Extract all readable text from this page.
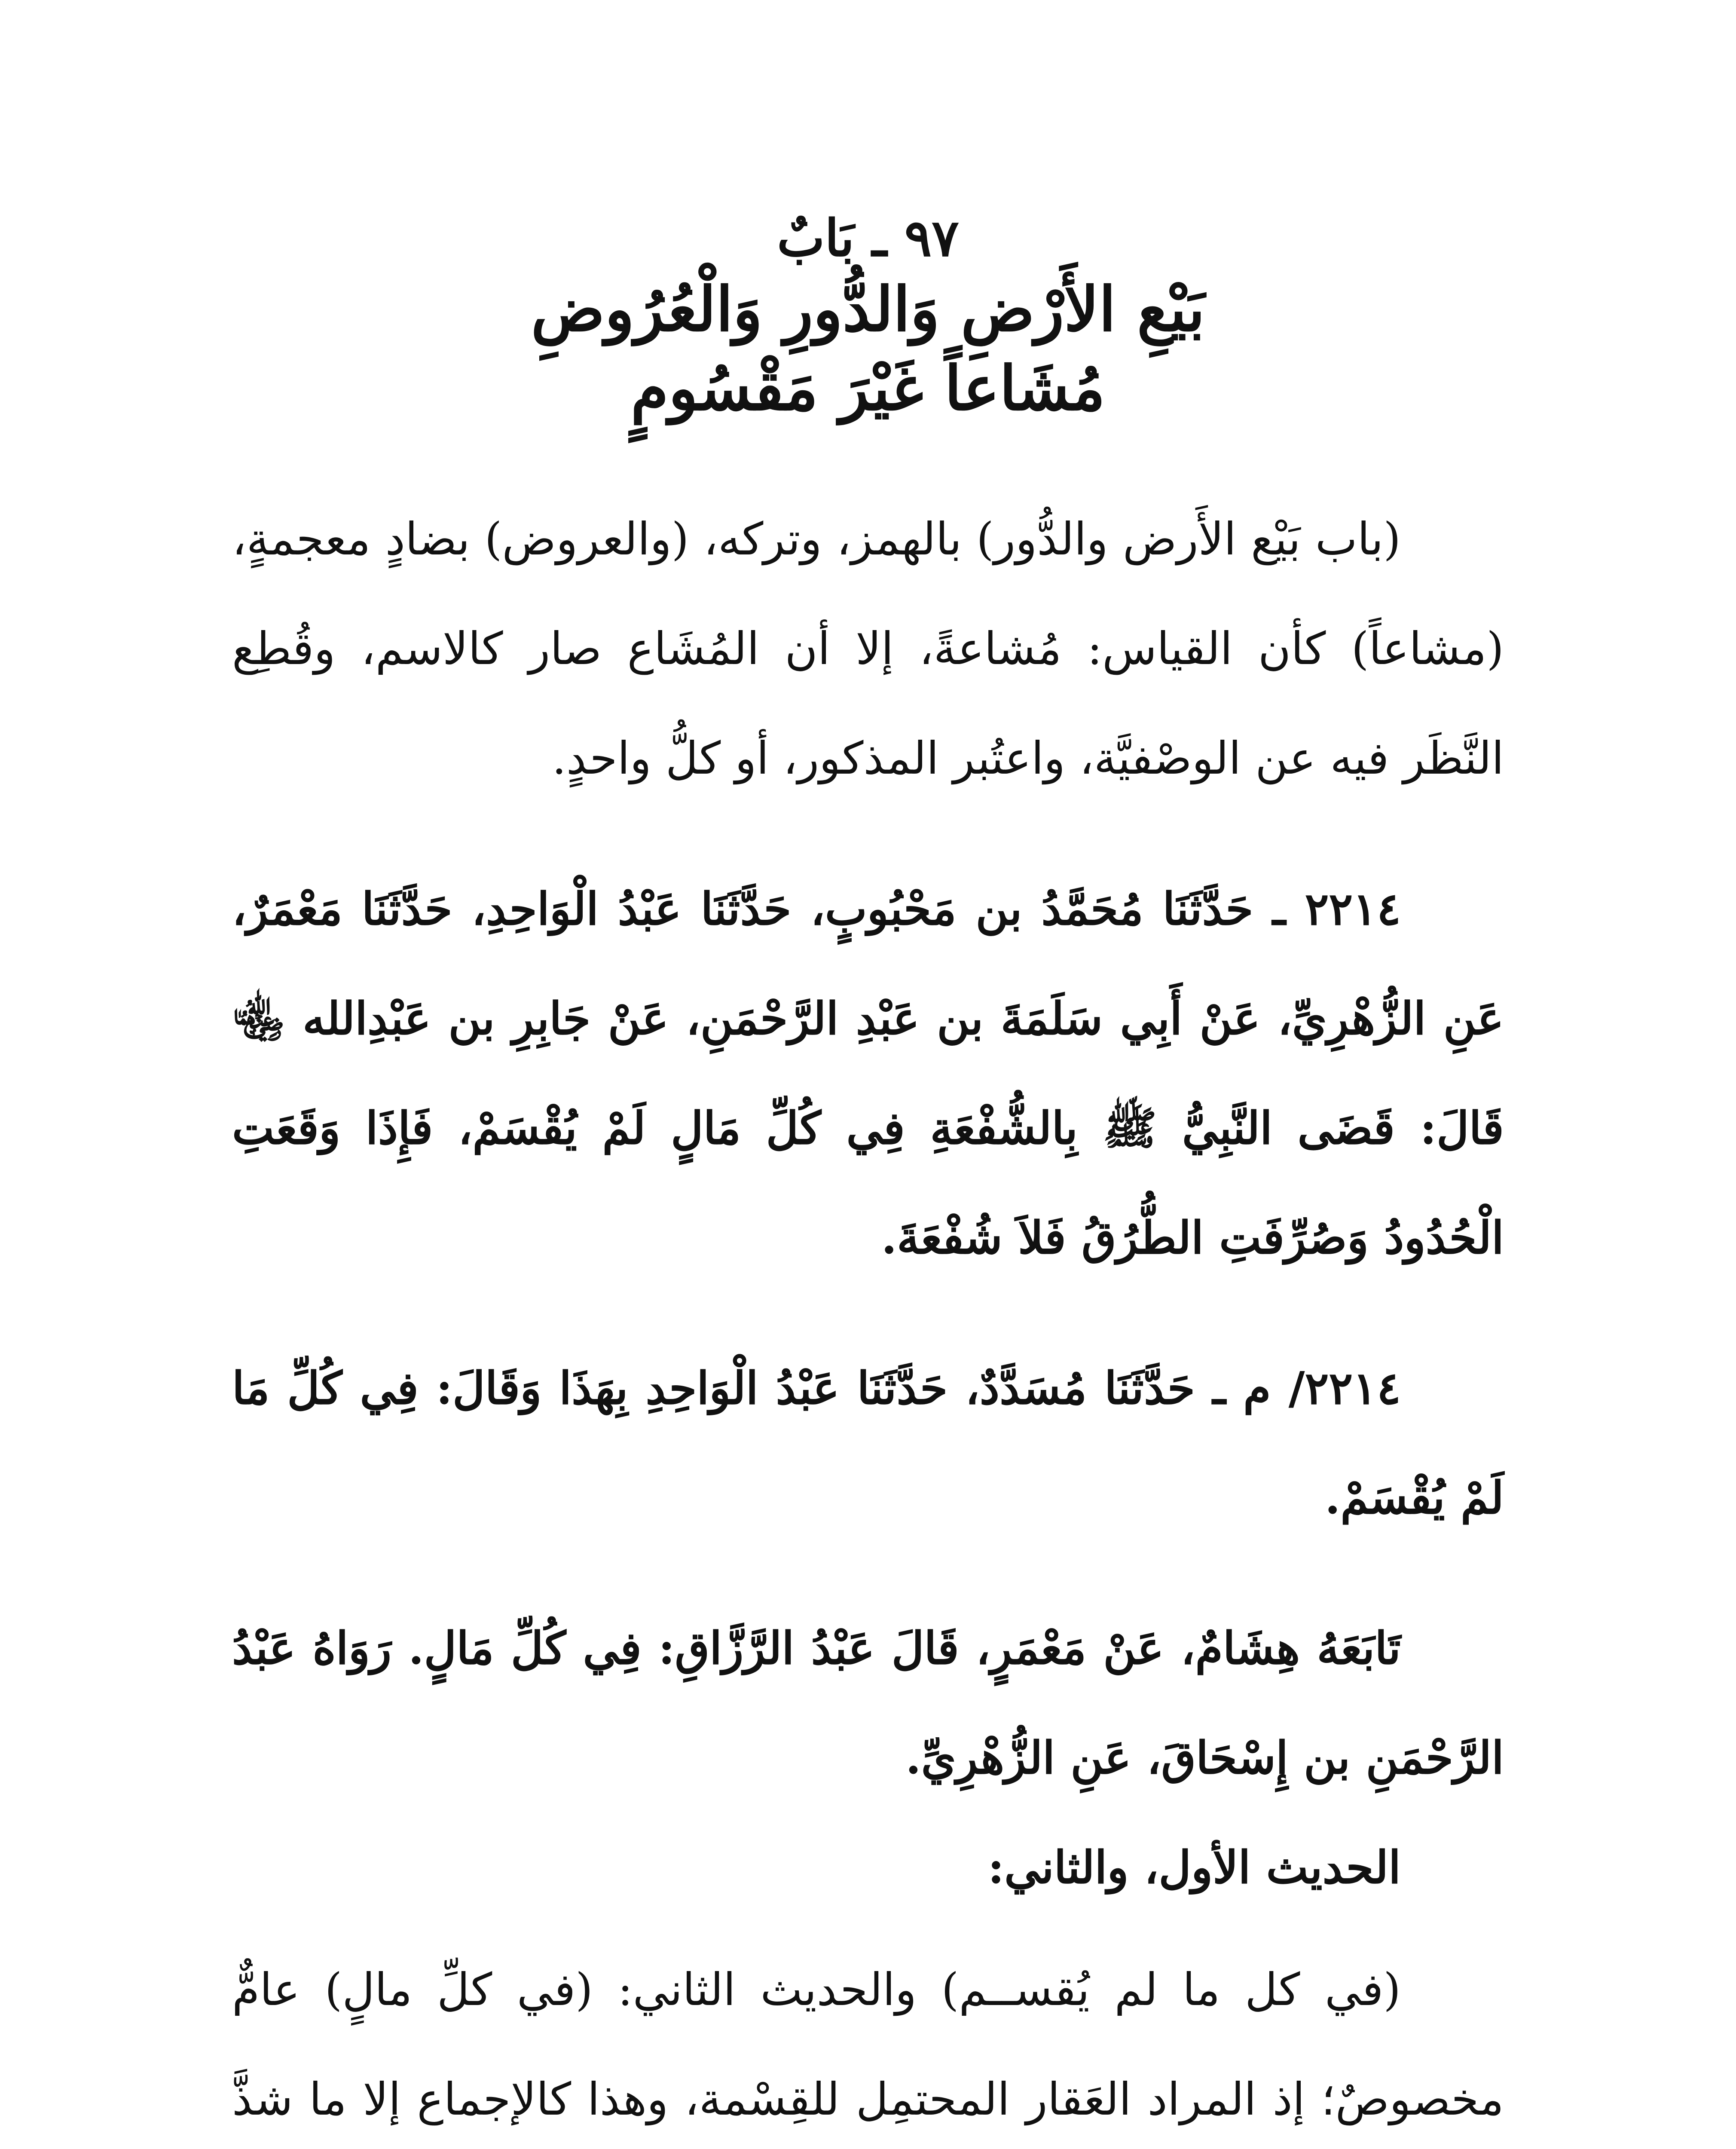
٩٧ ـ بَابٌ

بَيْعِ الأَرْضِ وَالدُّورِ وَالْعُرُوضِ

مُشَاعاً غَيْرَ مَقْسُومٍ

(باب بَيْع الأَرض والدُّور) بالهمز، وتركه، (والعروض) بضادٍ معجمةٍ، (مشاعاً) كأن القياس: مُشاعةً، إلا أن المُشَاع صار كالاسم، وقُطِع النَّظَر فيه عن الوصْفيَّة، واعتُبر المذكور، أو كلُّ واحدٍ.

٢٢١٤ ـ حَدَّثَنَا مُحَمَّدُ بن مَحْبُوبٍ، حَدَّثَنَا عَبْدُ الْوَاحِدِ، حَدَّثَنَا مَعْمَرٌ، عَنِ الزُّهْرِيِّ، عَنْ أَبِي سَلَمَةَ بن عَبْدِ الرَّحْمَنِ، عَنْ جَابِرِ بن عَبْدِالله ﵄ قَالَ: قَضَى النَّبِيُّ ﷺ بِالشُّفْعَةِ فِي كُلِّ مَالٍ لَمْ يُقْسَمْ، فَإِذَا وَقَعَتِ الْحُدُودُ وَصُرِّفَتِ الطُّرُقُ فَلاَ شُفْعَةَ.

٢٢١٤/ م ـ حَدَّثَنَا مُسَدَّدٌ، حَدَّثَنَا عَبْدُ الْوَاحِدِ بِهَذَا وَقَالَ: فِي كُلِّ مَا لَمْ يُقْسَمْ.

تَابَعَهُ هِشَامٌ، عَنْ مَعْمَرٍ، قَالَ عَبْدُ الرَّزَّاقِ: فِي كُلِّ مَالٍ. رَوَاهُ عَبْدُ الرَّحْمَنِ بن إِسْحَاقَ، عَنِ الزُّهْرِيِّ.

الحديث الأول، والثاني:

(في كل ما لم يُقســم) والحديث الثاني: (في كلِّ مالٍ) عامٌّ مخصوصٌ؛ إذ المراد العَقار المحتمِل للقِسْمة، وهذا كالإجماع إلا ما شذَّ
